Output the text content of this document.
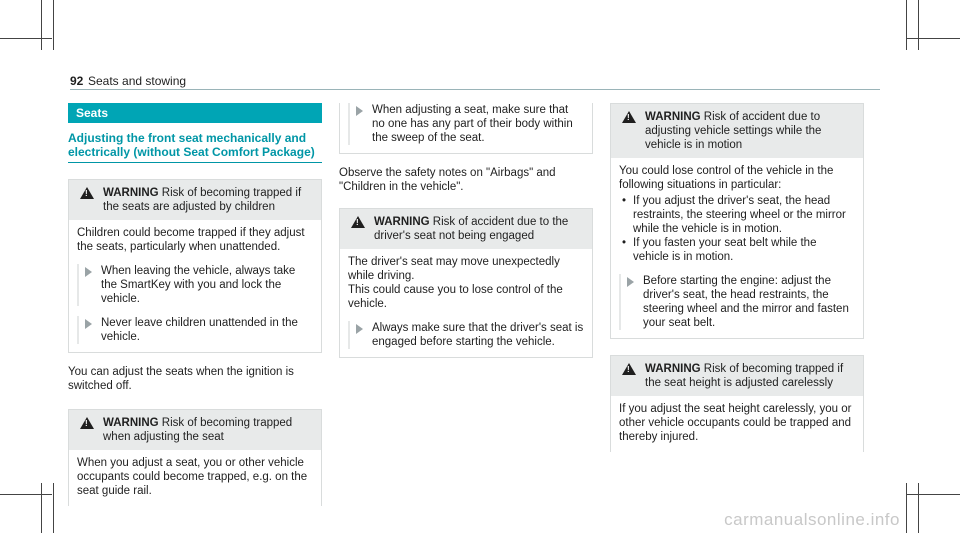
92 Seats and stowing
Seats
Adjusting the front seat mechanically and electrically (without Seat Comfort Package)
!
WARNING Risk of becoming trapped if the seats are adjusted by children
Children could become trapped if they adjust the seats, particularly when unattended.
When leaving the vehicle, always take the SmartKey with you and lock the vehicle.
Never leave children unattended in the vehicle.
You can adjust the seats when the ignition is switched off.
!
WARNING Risk of becoming trapped when adjusting the seat
When you adjust a seat, you or other vehicle occupants could become trapped, e.g. on the seat guide rail.
When adjusting a seat, make sure that no one has any part of their body within the sweep of the seat.
Observe the safety notes on "Airbags" and "Children in the vehicle".
!
WARNING Risk of accident due to the driver's seat not being engaged
The driver's seat may move unexpectedly while driving.
This could cause you to lose control of the vehicle.
Always make sure that the driver's seat is engaged before starting the vehicle.
!
WARNING Risk of accident due to adjusting vehicle settings while the vehicle is in motion
You could lose control of the vehicle in the following situations in particular:
• If you adjust the driver's seat, the head restraints, the steering wheel or the mirror while the vehicle is in motion.
• If you fasten your seat belt while the vehicle is in motion.
Before starting the engine: adjust the driver's seat, the head restraints, the steering wheel and the mirror and fasten your seat belt.
!
WARNING Risk of becoming trapped if the seat height is adjusted carelessly
If you adjust the seat height carelessly, you or other vehicle occupants could be trapped and thereby injured.
carmanualsonline.info
